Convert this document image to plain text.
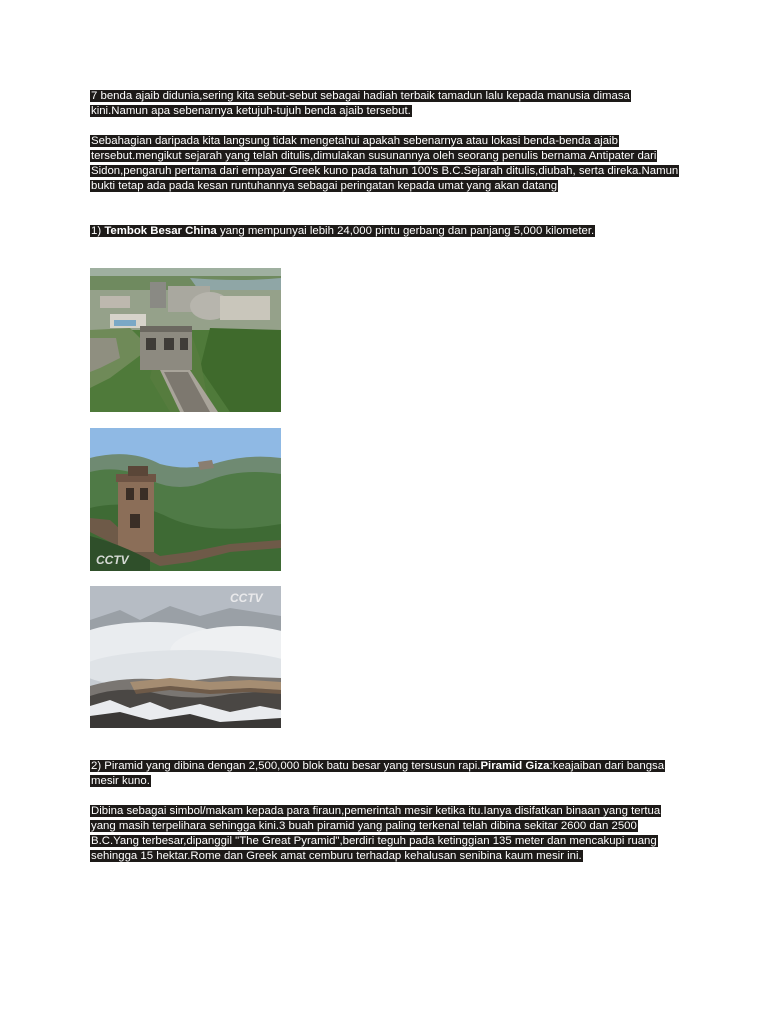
7 benda ajaib didunia,sering kita sebut-sebut sebagai hadiah terbaik tamadun lalu kepada manusia dimasa

kini.Namun apa sebenarnya ketujuh-tujuh benda ajaib tersebut.

Sebahagian daripada kita langsung tidak mengetahui apakah sebenarnya atau lokasi benda-benda ajaib

tersebut.mengikut sejarah yang telah ditulis,dimulakan susunannya oleh seorang penulis bernama Antipater dari

Sidon,pengaruh pertama dari empayar Greek kuno pada tahun 100's B.C.Sejarah ditulis,diubah, serta direka.Namun

bukti tetap ada pada kesan runtuhannya sebagai peringatan kepada umat yang akan datang

1) Tembok Besar China yang mempunyai lebih 24,000 pintu gerbang dan panjang 5,000 kilometer.

CCTV
CCTV

2) Piramid yang dibina dengan 2,500,000 blok batu besar yang tersusun rapi.Piramid Giza:keajaiban dari bangsa

mesir kuno.

Dibina sebagai simbol/makam kepada para firaun,pemerintah mesir ketika itu.Ianya disifatkan binaan yang tertua

yang masih terpelihara sehingga kini.3 buah piramid yang paling terkenal telah dibina sekitar 2600 dan 2500

B.C.Yang terbesar,dipanggil "The Great Pyramid",berdiri teguh pada ketinggian 135 meter dan mencakupi ruang

sehingga 15 hektar.Rome dan Greek amat cemburu terhadap kehalusan senibina kaum mesir ini.
